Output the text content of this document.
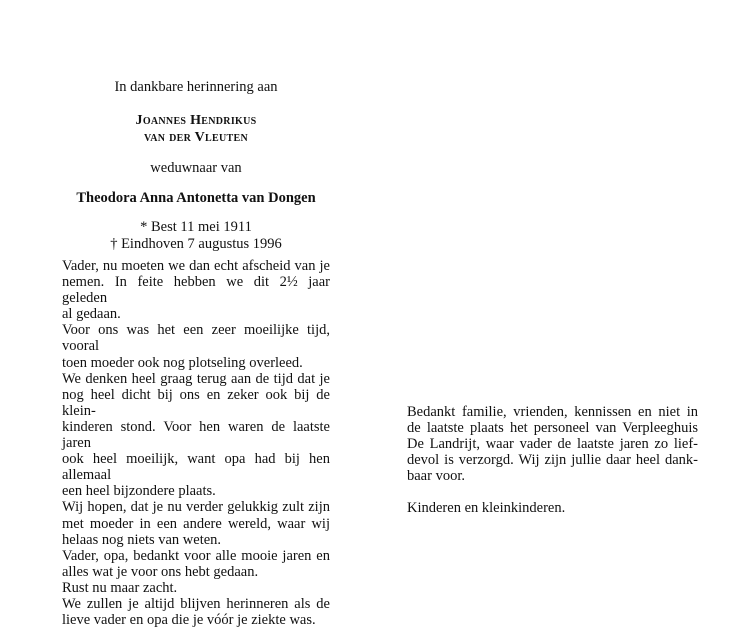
In dankbare herinnering aan

Joannes Hendrikus
van der Vleuten
weduwnaar van
Theodora Anna Antonetta van Dongen
* Best 11 mei 1911
† Eindhoven 7 augustus 1996
Vader, nu moeten we dan echt afscheid van je
nemen. In feite hebben we dit 2½ jaar geleden
al gedaan.
Voor ons was het een zeer moeilijke tijd, vooral
toen moeder ook nog plotseling overleed.
We denken heel graag terug aan de tijd dat je
nog heel dicht bij ons en zeker ook bij de klein-
kinderen stond. Voor hen waren de laatste jaren
ook heel moeilijk, want opa had bij hen allemaal
een heel bijzondere plaats.
Wij hopen, dat je nu verder gelukkig zult zijn
met moeder in een andere wereld, waar wij
helaas nog niets van weten.
Vader, opa, bedankt voor alle mooie jaren en
alles wat je voor ons hebt gedaan.
Rust nu maar zacht.
We zullen je altijd blijven herinneren als de
lieve vader en opa die je vóór je ziekte was.
Bedankt familie, vrienden, kennissen en niet in
de laatste plaats het personeel van Verpleeghuis
De Landrijt, waar vader de laatste jaren zo lief-
devol is verzorgd. Wij zijn jullie daar heel dank-
baar voor.
Kinderen en kleinkinderen.
